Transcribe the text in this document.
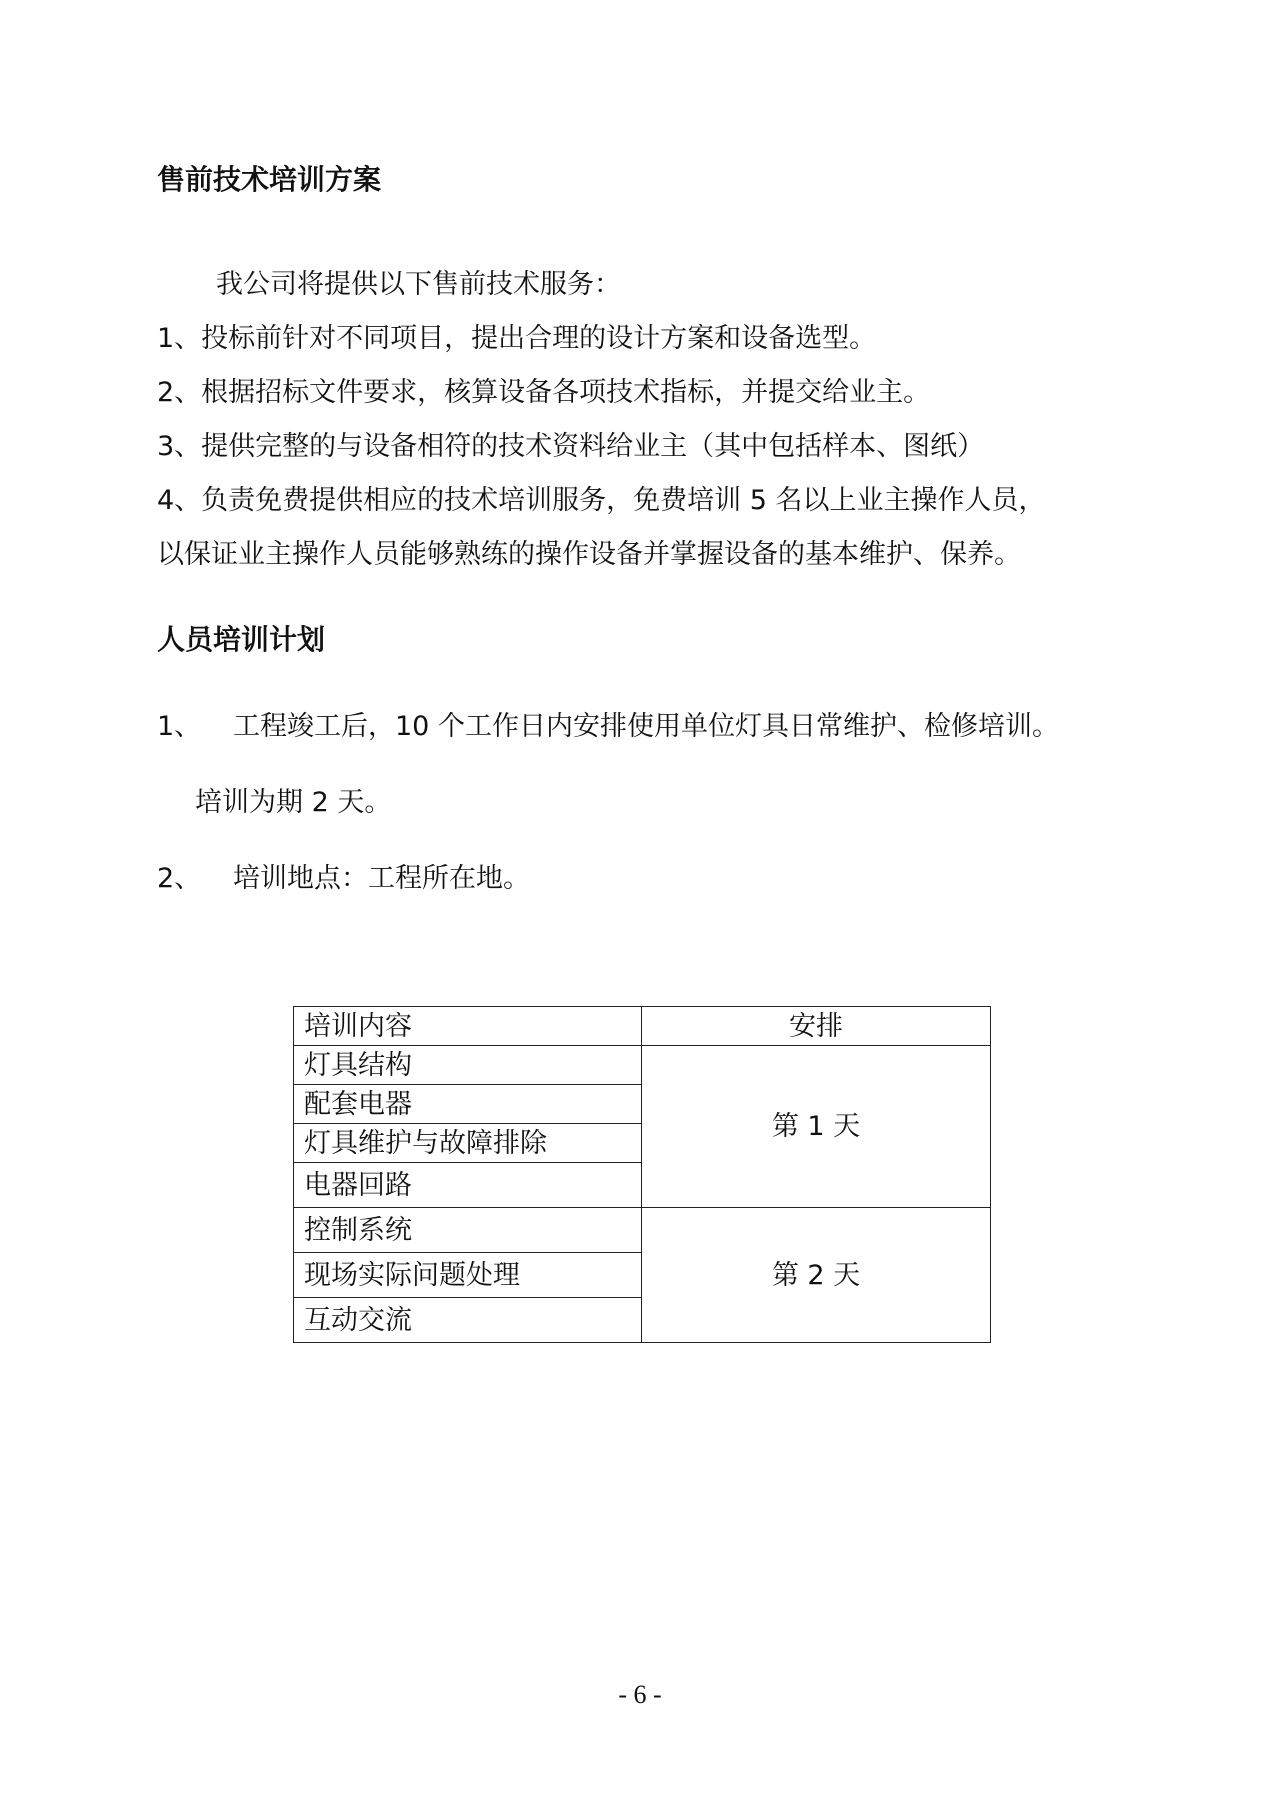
售前技术培训方案
我公司将提供以下售前技术服务：
1、投标前针对不同项目，提出合理的设计方案和设备选型。
2、根据招标文件要求，核算设备各项技术指标，并提交给业主。
3、提供完整的与设备相符的技术资料给业主（其中包括样本、图纸）
4、负责免费提供相应的技术培训服务，免费培训 5 名以上业主操作人员，
以保证业主操作人员能够熟练的操作设备并掌握设备的基本维护、保养。
人员培训计划
1、 工程竣工后，10 个工作日内安排使用单位灯具日常维护、检修培训。
培训为期 2 天。
2、 培训地点：工程所在地。
培训内容	安排
灯具结构	第 1 天
配套电器	
灯具维护与故障排除	
电器回路	
控制系统	第 2 天
现场实际问题处理	
互动交流	
- 6 -
